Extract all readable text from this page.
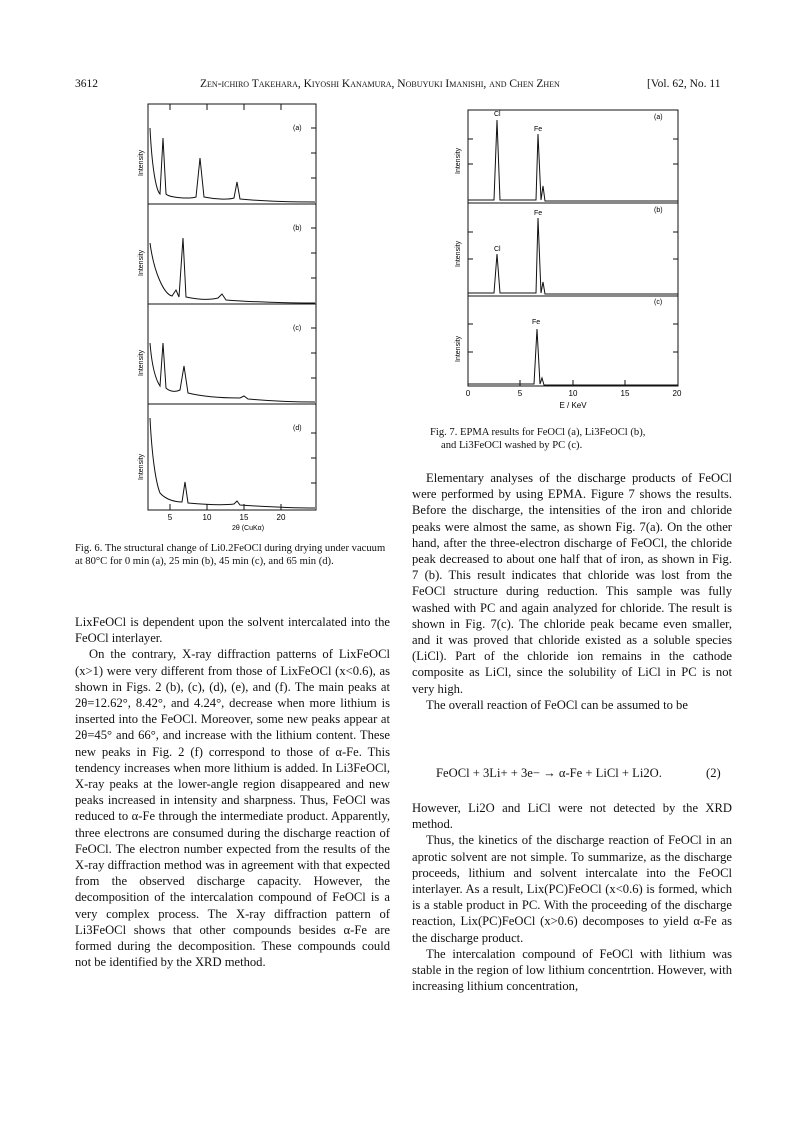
3612	Zen-ichiro Takehara, Kiyoshi Kanamura, Nobuyuki Imanishi, and Chen Zhen	[Vol. 62, No. 11
(a)
(b)
(c)
(d)
Intensity
Intensity
Intensity
Intensity
5	10	15	20
2θ (CuKα)
Fig. 6. The structural change of Li0.2FeOCl during drying under vacuum at 80°C for 0 min (a), 25 min (b), 45 min (c), and 65 min (d).
Cl
Fe
Fe
Cl
Fe
(a)
(b)
(c)
Intensity
Intensity
Intensity
0	5	10	15	20
E / KeV
Fig. 7. EPMA results for FeOCl (a), Li3FeOCl (b),
and Li3FeOCl washed by PC (c).

LixFeOCl is dependent upon the solvent intercalated into the FeOCl interlayer.

On the contrary, X-ray diffraction patterns of LixFeOCl (x>1) were very different from those of LixFeOCl (x<0.6), as shown in Figs. 2 (b), (c), (d), (e), and (f). The main peaks at 2θ=12.62°, 8.42°, and 4.24°, decrease when more lithium is inserted into the FeOCl. Moreover, some new peaks appear at 2θ=45° and 66°, and increase with the lithium content. These new peaks in Fig. 2 (f) correspond to those of α-Fe. This tendency increases when more lithium is added. In Li3FeOCl, X-ray peaks at the lower-angle region disappeared and new peaks increased in intensity and sharpness. Thus, FeOCl was reduced to α-Fe through the intermediate product. Apparently, three electrons are consumed during the discharge reaction of FeOCl. The electron number expected from the results of the X-ray diffraction method was in agreement with that expected from the observed discharge capacity. However, the decomposition of the intercalation compound of FeOCl is a very complex process. The X-ray diffraction pattern of Li3FeOCl shows that other compounds besides α-Fe are formed during the decomposition. These compounds could not be identified by the XRD method.

Elementary analyses of the discharge products of FeOCl were performed by using EPMA. Figure 7 shows the results. Before the discharge, the intensities of the iron and chloride peaks were almost the same, as shown Fig. 7(a). On the other hand, after the three-electron discharge of FeOCl, the chloride peak decreased to about one half that of iron, as shown in Fig. 7 (b). This result indicates that chloride was lost from the FeOCl structure during reduction. This sample was fully washed with PC and again analyzed for chloride. The result is shown in Fig. 7(c). The chloride peak became even smaller, and it was proved that chloride existed as a soluble species (LiCl). Part of the chloride ion remains in the cathode composite as LiCl, since the solubility of LiCl in PC is not very high.

The overall reaction of FeOCl can be assumed to be

FeOCl + 3Li+ + 3e− → α-Fe + LiCl + Li2O.	(2)

However, Li2O and LiCl were not detected by the XRD method.

Thus, the kinetics of the discharge reaction of FeOCl in an aprotic solvent are not simple. To summarize, as the discharge proceeds, lithium and solvent intercalate into the FeOCl interlayer. As a result, Lix(PC)FeOCl (x<0.6) is formed, which is a stable product in PC. With the proceeding of the discharge reaction, Lix(PC)FeOCl (x>0.6) decomposes to yield α-Fe as the discharge product.

The intercalation compound of FeOCl with lithium was stable in the region of low lithium concentrtion. However, with increasing lithium concentration,
